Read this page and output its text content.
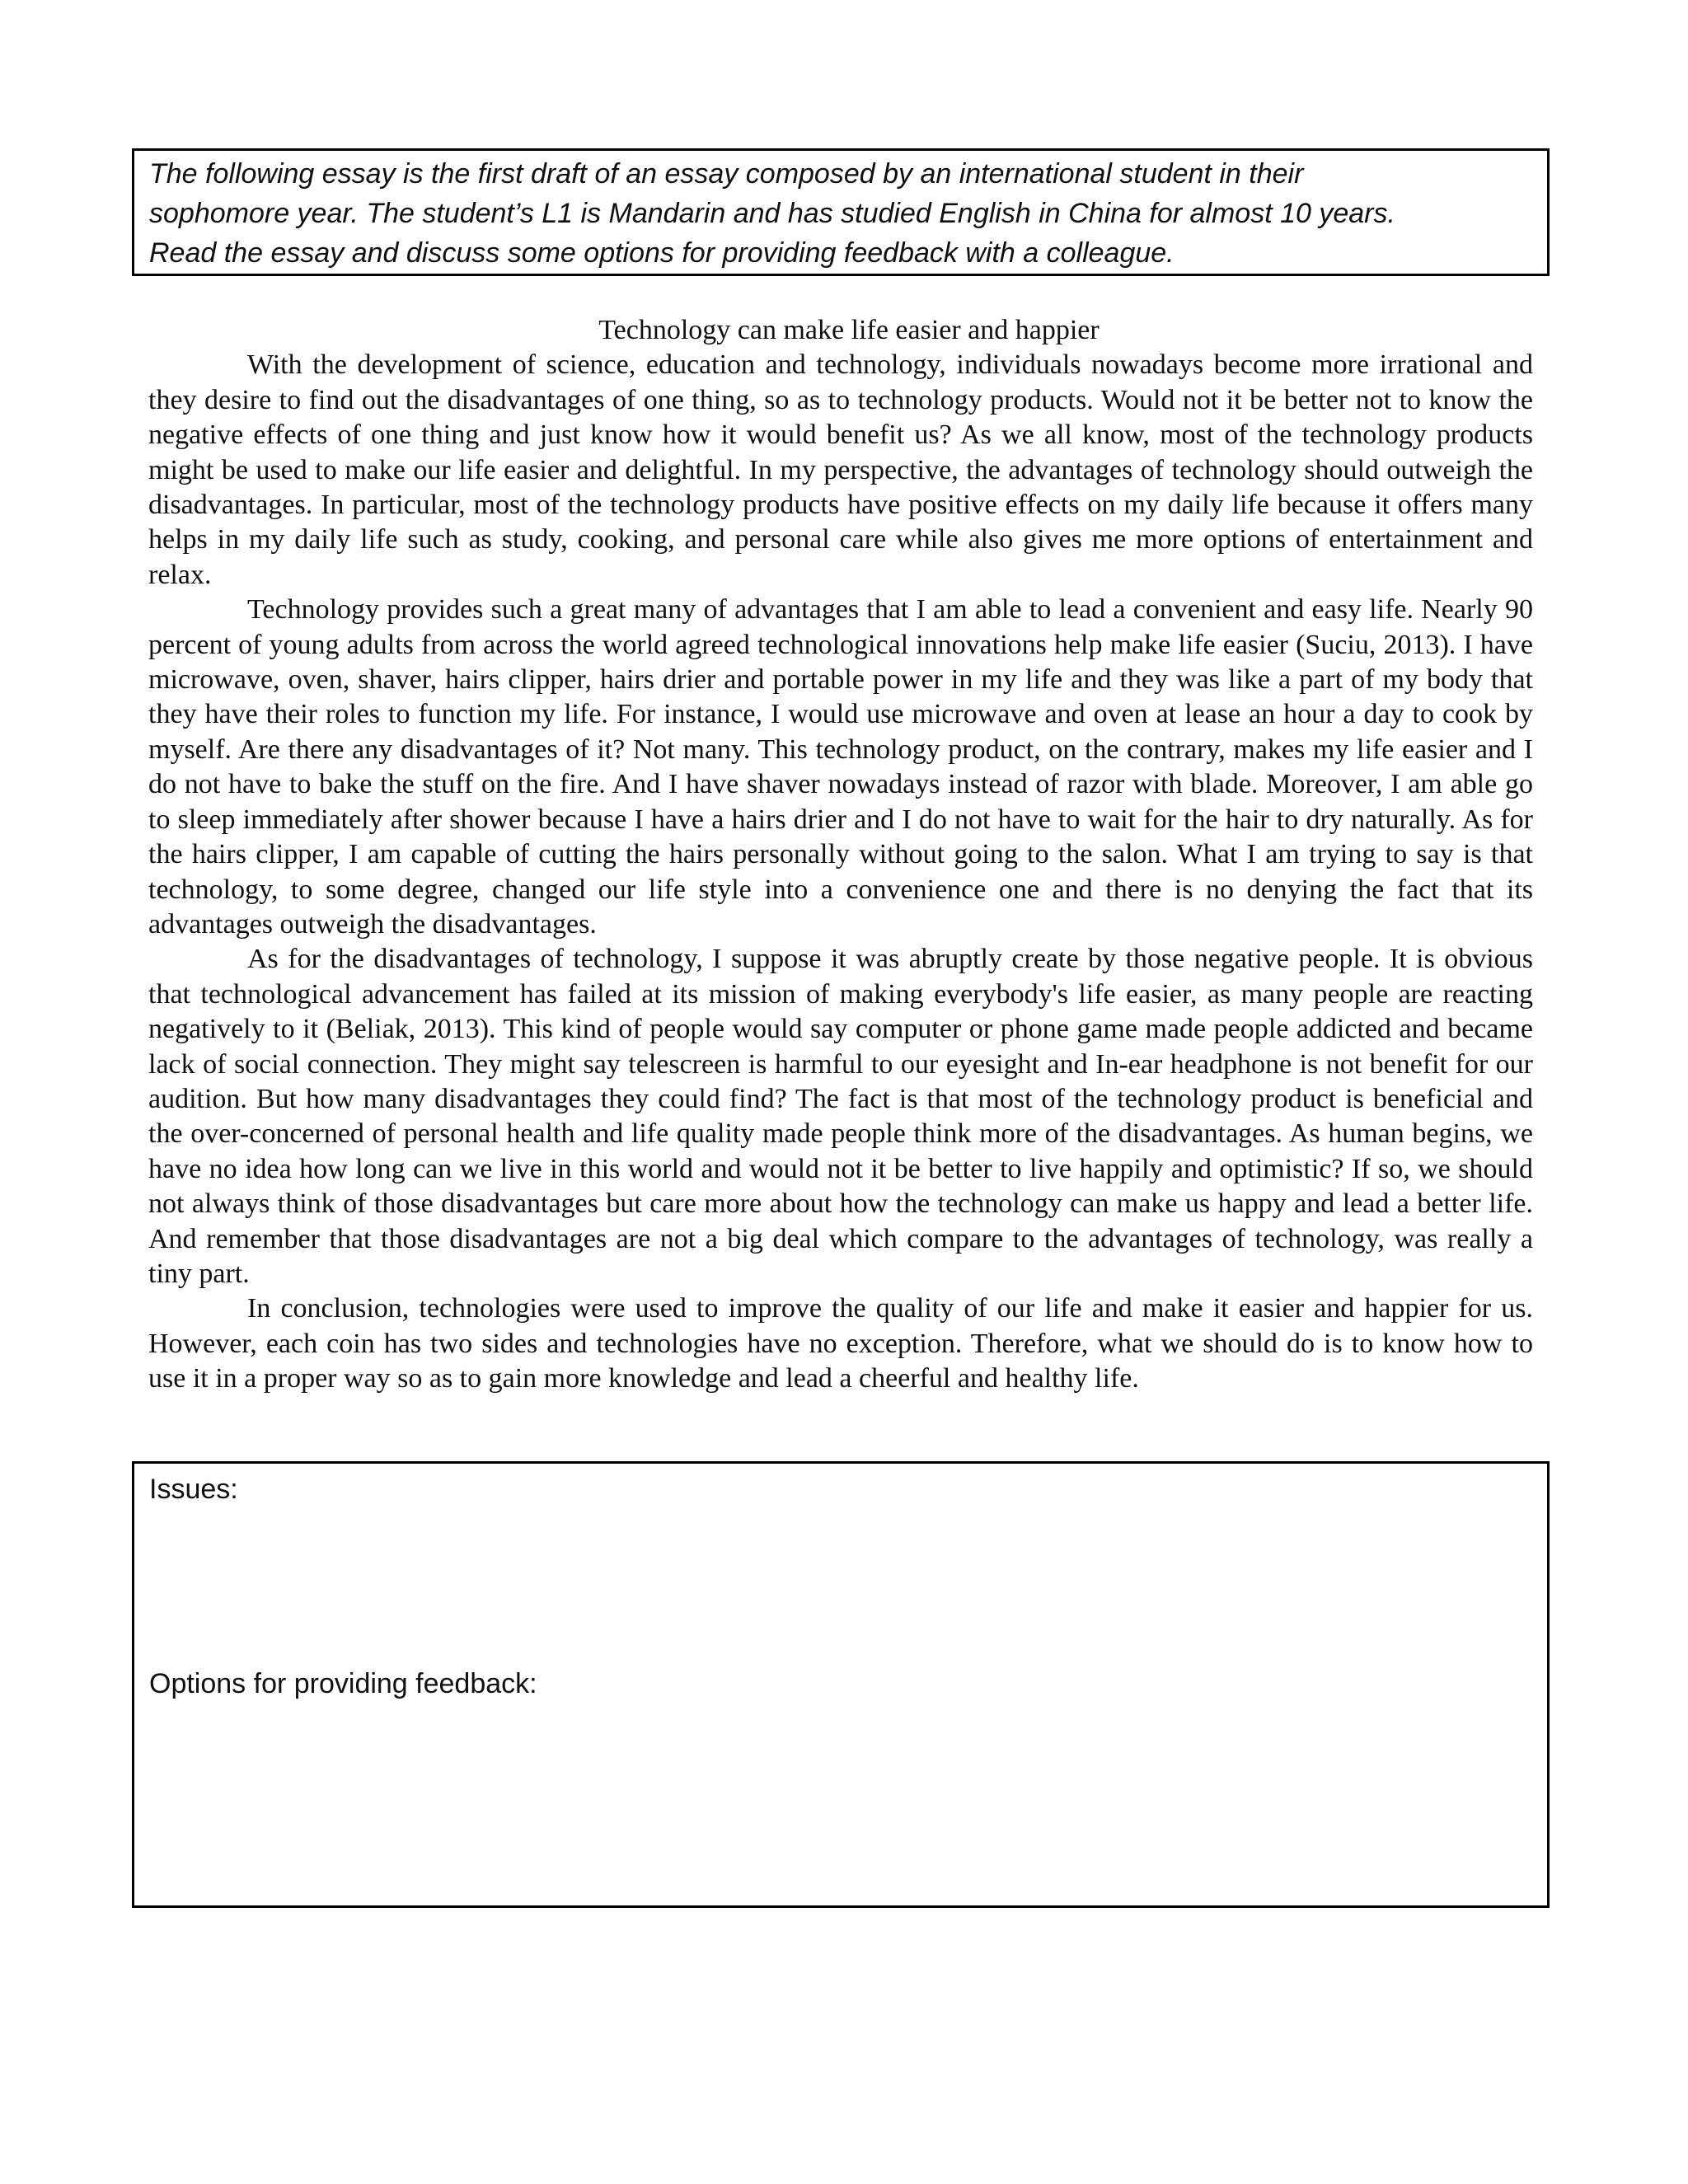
The following essay is the first draft of an essay composed by an international student in their
sophomore year. The student’s L1 is Mandarin and has studied English in China for almost 10 years.
Read the essay and discuss some options for providing feedback with a colleague.

Technology can make life easier and happier

With the development of science, education and technology, individuals nowadays become more irrational and they desire to find out the disadvantages of one thing, so as to technology products. Would not it be better not to know the negative effects of one thing and just know how it would benefit us? As we all know, most of the technology products might be used to make our life easier and delightful. In my perspective, the advantages of technology should outweigh the disadvantages. In particular, most of the technology products have positive effects on my daily life because it offers many helps in my daily life such as study, cooking, and personal care while also gives me more options of entertainment and relax.

Technology provides such a great many of advantages that I am able to lead a convenient and easy life. Nearly 90 percent of young adults from across the world agreed technological innovations help make life easier (Suciu, 2013). I have microwave, oven, shaver, hairs clipper, hairs drier and portable power in my life and they was like a part of my body that they have their roles to function my life. For instance, I would use microwave and oven at lease an hour a day to cook by myself. Are there any disadvantages of it? Not many. This technology product, on the contrary, makes my life easier and I do not have to bake the stuff on the fire. And I have shaver nowadays instead of razor with blade. Moreover, I am able go to sleep immediately after shower because I have a hairs drier and I do not have to wait for the hair to dry naturally. As for the hairs clipper, I am capable of cutting the hairs personally without going to the salon. What I am trying to say is that technology, to some degree, changed our life style into a convenience one and there is no denying the fact that its advantages outweigh the disadvantages.

As for the disadvantages of technology, I suppose it was abruptly create by those negative people. It is obvious that technological advancement has failed at its mission of making everybody's life easier, as many people are reacting negatively to it (Beliak, 2013). This kind of people would say computer or phone game made people addicted and became lack of social connection. They might say telescreen is harmful to our eyesight and In-ear headphone is not benefit for our audition. But how many disadvantages they could find? The fact is that most of the technology product is beneficial and the over-concerned of personal health and life quality made people think more of the disadvantages. As human begins, we have no idea how long can we live in this world and would not it be better to live happily and optimistic? If so, we should not always think of those disadvantages but care more about how the technology can make us happy and lead a better life. And remember that those disadvantages are not a big deal which compare to the advantages of technology, was really a tiny part.

In conclusion, technologies were used to improve the quality of our life and make it easier and happier for us. However, each coin has two sides and technologies have no exception. Therefore, what we should do is to know how to use it in a proper way so as to gain more knowledge and lead a cheerful and healthy life.

Issues:

Options for providing feedback:
